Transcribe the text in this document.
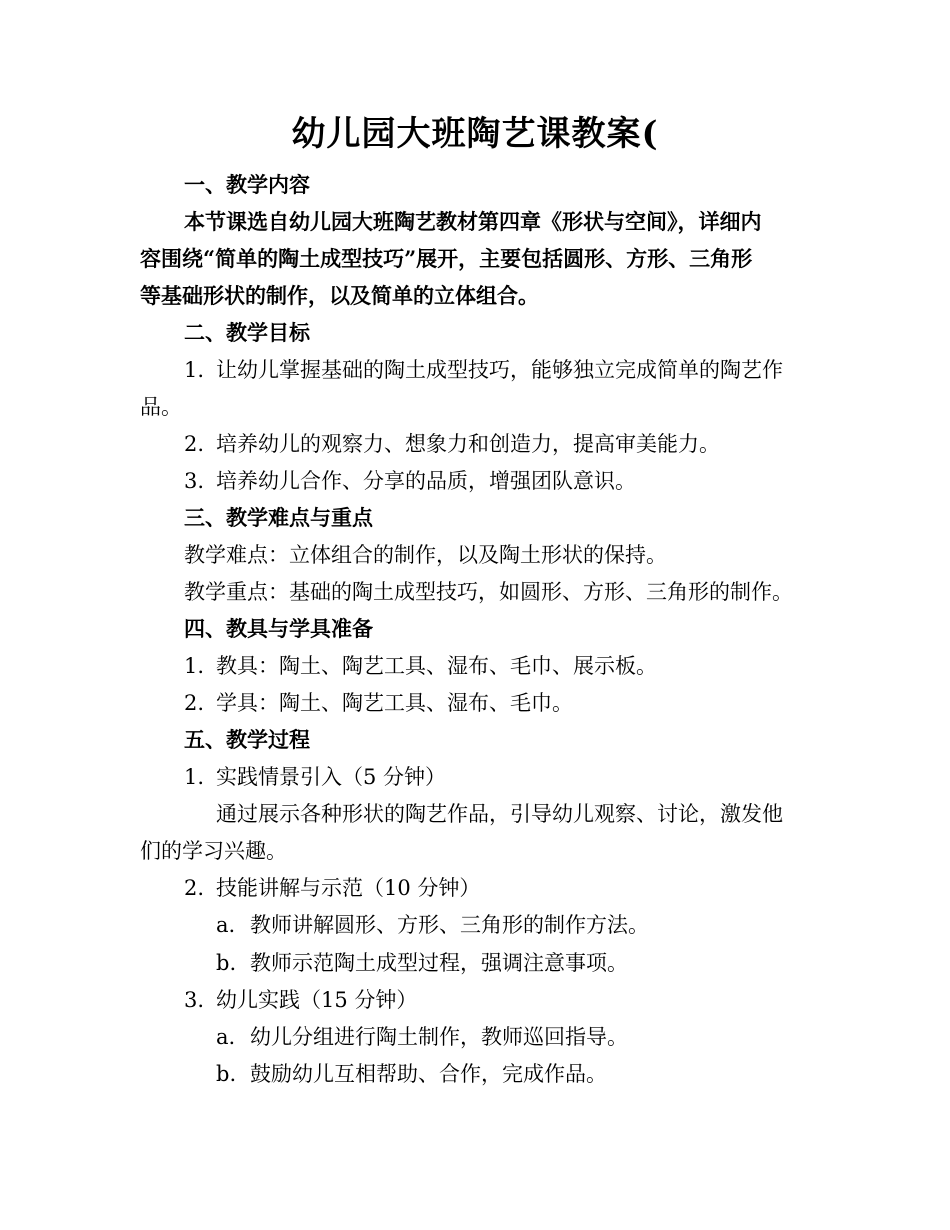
幼儿园大班陶艺课教案(
一、教学内容
本节课选自幼儿园大班陶艺教材第四章《形状与空间》，详细内
容围绕“简单的陶土成型技巧”展开，主要包括圆形、方形、三角形
等基础形状的制作，以及简单的立体组合。
二、教学目标
1. 让幼儿掌握基础的陶土成型技巧，能够独立完成简单的陶艺作
品。
2. 培养幼儿的观察力、想象力和创造力，提高审美能力。
3. 培养幼儿合作、分享的品质，增强团队意识。
三、教学难点与重点
教学难点：立体组合的制作，以及陶土形状的保持。
教学重点：基础的陶土成型技巧，如圆形、方形、三角形的制作。
四、教具与学具准备
1. 教具：陶土、陶艺工具、湿布、毛巾、展示板。
2. 学具：陶土、陶艺工具、湿布、毛巾。
五、教学过程
1. 实践情景引入（5 分钟）
通过展示各种形状的陶艺作品，引导幼儿观察、讨论，激发他
们的学习兴趣。
2. 技能讲解与示范（10 分钟）
a. 教师讲解圆形、方形、三角形的制作方法。
b. 教师示范陶土成型过程，强调注意事项。
3. 幼儿实践（15 分钟）
a. 幼儿分组进行陶土制作，教师巡回指导。
b. 鼓励幼儿互相帮助、合作，完成作品。
